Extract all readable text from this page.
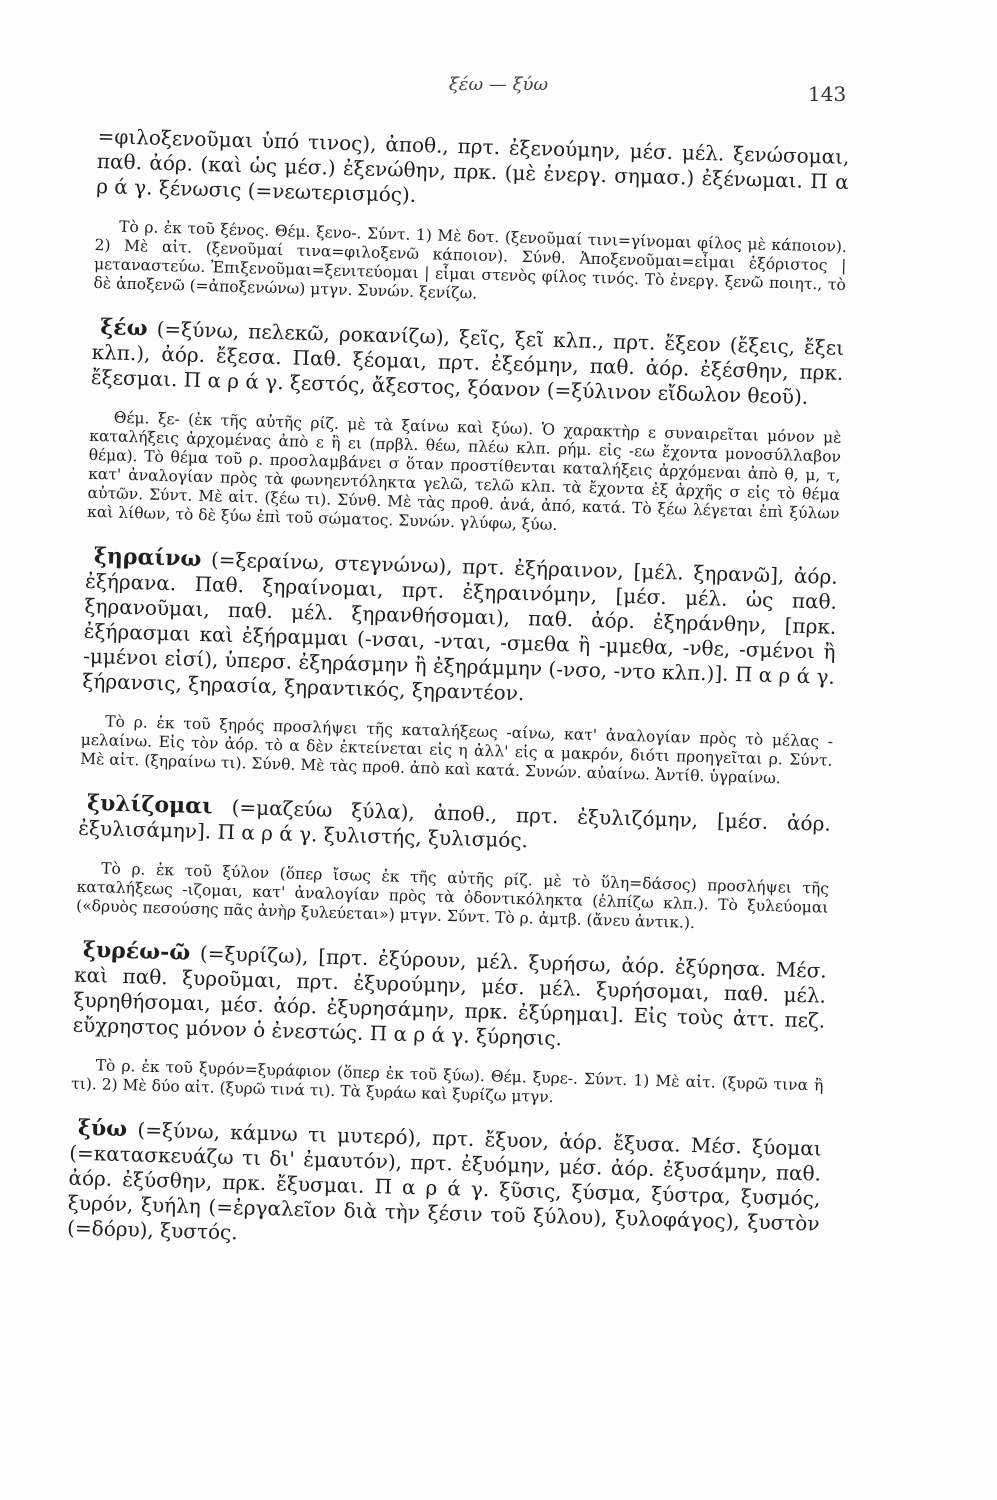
ξέω — ξύω	143

=φιλοξενοῦμαι ὑπό τινος), ἀποθ., πρτ. ἐξενούμην, μέσ. μέλ. ξενώσομαι, παθ. ἀόρ. (καὶ ὡς μέσ.) ἐξενώθην, πρκ. (μὲ ἐνεργ. σημασ.) ἐξένωμαι. Π α ρ ά γ. ξένωσις (=νεωτερισμός).

Τὸ ρ. ἐκ τοῦ ξένος. Θέμ. ξενο-. Σύντ. 1) Μὲ δοτ. (ξενοῦμαί τινι=γίνομαι φίλος μὲ κάποιον). 2) Μὲ αἰτ. (ξενοῦμαί τινα=φιλοξενῶ κάποιον). Σύνθ. Ἀποξενοῦμαι=εἶμαι ἐξόριστος | μεταναστεύω. Ἐπιξενοῦμαι=ξενιτεύομαι | εἶμαι στενὸς φίλος τινός. Τὸ ἐνεργ. ξενῶ ποιητ., τὸ δὲ ἀποξενῶ (=ἀποξενώνω) μτγν. Συνών. ξενίζω.

ξέω (=ξύνω, πελεκῶ, ροκανίζω), ξεῖς, ξεῖ κλπ., πρτ. ἔξεον (ἔξεις, ἔξει κλπ.), ἀόρ. ἔξεσα. Παθ. ξέομαι, πρτ. ἐξεόμην, παθ. ἀόρ. ἐξέσθην, πρκ. ἔξεσμαι. Π α ρ ά γ. ξεστός, ἄξεστος, ξόανον (=ξύλινον εἴδωλον θεοῦ).

Θέμ. ξε- (ἐκ τῆς αὐτῆς ρίζ. μὲ τὰ ξαίνω καὶ ξύω). Ὁ χαρακτὴρ ε συναιρεῖται μόνον μὲ καταλήξεις ἀρχομένας ἀπὸ ε ἢ ει (πρβλ. θέω, πλέω κλπ. ρήμ. εἰς -εω ἔχοντα μονοσύλλαβον θέμα). Τὸ θέμα τοῦ ρ. προσλαμβάνει σ ὅταν προστίθενται καταλήξεις ἀρχόμεναι ἀπὸ θ, μ, τ, κατ' ἀναλογίαν πρὸς τὰ φωνηεντόληκτα γελῶ, τελῶ κλπ. τὰ ἔχοντα ἐξ ἀρχῆς σ εἰς τὸ θέμα αὐτῶν. Σύντ. Μὲ αἰτ. (ξέω τι). Σύνθ. Μὲ τὰς προθ. ἀνά, ἀπό, κατά. Τὸ ξέω λέγεται ἐπὶ ξύλων καὶ λίθων, τὸ δὲ ξύω ἐπὶ τοῦ σώματος. Συνών. γλύφω, ξύω.

ξηραίνω (=ξεραίνω, στεγνώνω), πρτ. ἐξήραινον, [μέλ. ξηρανῶ], ἀόρ. ἐξήρανα. Παθ. ξηραίνομαι, πρτ. ἐξηραινόμην, [μέσ. μέλ. ὡς παθ. ξηρανοῦμαι, παθ. μέλ. ξηρανθήσομαι), παθ. ἀόρ. ἐξηράνθην, [πρκ. ἐξήρασμαι καὶ ἐξήραμμαι (-νσαι, -νται, -σμεθα ἢ -μμεθα, -νθε, -σμένοι ἢ -μμένοι εἰσί), ὑπερσ. ἐξηράσμην ἢ ἐξηράμμην (-νσο, -ντο κλπ.)]. Π α ρ ά γ. ξήρανσις, ξηρασία, ξηραντικός, ξηραντέον.

Τὸ ρ. ἐκ τοῦ ξηρός προσλήψει τῆς καταλήξεως -αίνω, κατ' ἀναλογίαν πρὸς τὸ μέλας - μελαίνω. Εἰς τὸν ἀόρ. τὸ α δὲν ἐκτείνεται εἰς η ἀλλ' εἰς α μακρόν, διότι προηγεῖται ρ. Σύντ. Μὲ αἰτ. (ξηραίνω τι). Σύνθ. Μὲ τὰς προθ. ἀπὸ καὶ κατά. Συνών. αὐαίνω. Ἀντίθ. ὑγραίνω.

ξυλίζομαι (=μαζεύω ξύλα), ἀποθ., πρτ. ἐξυλιζόμην, [μέσ. ἀόρ. ἐξυλισάμην]. Π α ρ ά γ. ξυλιστής, ξυλισμός.

Τὸ ρ. ἐκ τοῦ ξύλον (ὅπερ ἴσως ἐκ τῆς αὐτῆς ρίζ. μὲ τὸ ὕλη=δάσος) προσλήψει τῆς καταλήξεως -ιζομαι, κατ' ἀναλογίαν πρὸς τὰ ὀδοντικόληκτα (ἐλπίζω κλπ.). Τὸ ξυλεύομαι («δρυὸς πεσούσης πᾶς ἀνὴρ ξυλεύεται») μτγν. Σύντ. Τὸ ρ. ἀμτβ. (ἄνευ ἀντικ.).

ξυρέω-ῶ (=ξυρίζω), [πρτ. ἐξύρουν, μέλ. ξυρήσω, ἀόρ. ἐξύρησα. Μέσ. καὶ παθ. ξυροῦμαι, πρτ. ἐξυρούμην, μέσ. μέλ. ξυρήσομαι, παθ. μέλ. ξυρηθήσομαι, μέσ. ἀόρ. ἐξυρησάμην, πρκ. ἐξύρημαι]. Εἰς τοὺς ἀττ. πεζ. εὔχρηστος μόνον ὁ ἐνεστώς. Π α ρ ά γ. ξύρησις.

Τὸ ρ. ἐκ τοῦ ξυρόν=ξυράφιον (ὅπερ ἐκ τοῦ ξύω). Θέμ. ξυρε-. Σύντ. 1) Μὲ αἰτ. (ξυρῶ τινα ἢ τι). 2) Μὲ δύο αἰτ. (ξυρῶ τινά τι). Τὰ ξυράω καὶ ξυρίζω μτγν.

ξύω (=ξύνω, κάμνω τι μυτερό), πρτ. ἔξυον, ἀόρ. ἔξυσα. Μέσ. ξύομαι (=κατασκευάζω τι δι' ἐμαυτόν), πρτ. ἐξυόμην, μέσ. ἀόρ. ἐξυσάμην, παθ. ἀόρ. ἐξύσθην, πρκ. ἔξυσμαι. Π α ρ ά γ. ξῦσις, ξύσμα, ξύστρα, ξυσμός, ξυρόν, ξυήλη (=ἐργαλεῖον διὰ τὴν ξέσιν τοῦ ξύλου), ξυλοφάγος), ξυστὸν (=δόρυ), ξυστός.
